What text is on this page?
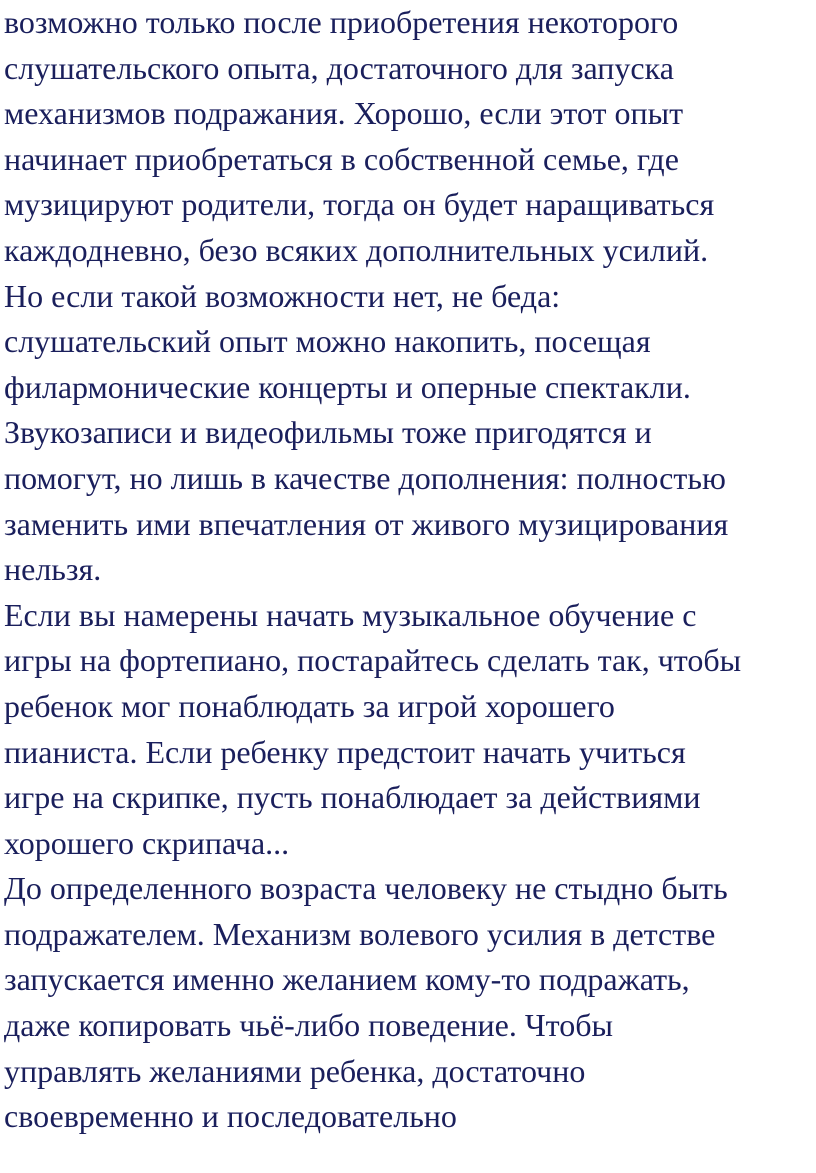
возможно только после приобретения некоторого

слушательского опыта, достаточного для запуска

механизмов подражания. Хорошо, если этот опыт

начинает приобретаться в собственной семье, где

музицируют родители, тогда он будет наращиваться

каждодневно, безо всяких дополнительных усилий.

Но если такой возможности нет, не беда:

слушательский опыт можно накопить, посещая

филармонические концерты и оперные спектакли.

Звукозаписи и видеофильмы тоже пригодятся и

помогут, но лишь в качестве дополнения: полностью

заменить ими впечатления от живого музицирования

нельзя.

Если вы намерены начать музыкальное обучение с

игры на фортепиано, постарайтесь сделать так, чтобы

ребенок мог понаблюдать за игрой хорошего

пианиста. Если ребенку предстоит начать учиться

игре на скрипке, пусть понаблюдает за действиями

хорошего скрипача...

До определенного возраста человеку не стыдно быть

подражателем. Механизм волевого усилия в детстве

запускается именно желанием кому-то подражать,

даже копировать чьё-либо поведение. Чтобы

управлять желаниями ребенка, достаточно

своевременно и последовательно
